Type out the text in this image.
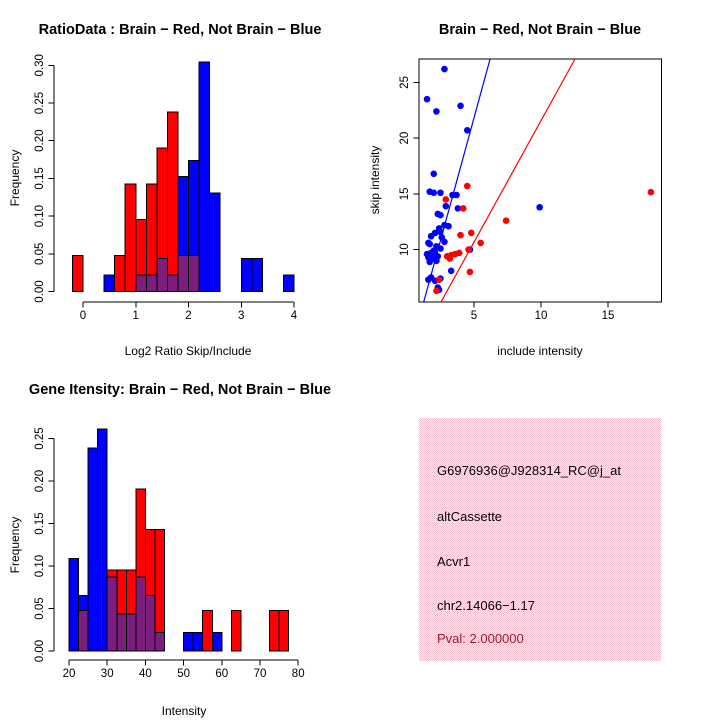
0.00
0.05
0.10
0.15
0.20
0.25
0.30
0	1	2	3	4
RatioData : Brain − Red, Not Brain − Blue
Log2 Ratio Skip/Include
Frequency
5	10	15
10
15
20
25
Brain − Red, Not Brain − Blue
include intensity
skip intensity
0.00
0.05
0.10
0.15
0.20
0.25
20 30 40 50 60 70 80
Gene Itensity: Brain − Red, Not Brain − Blue
Intensity
Frequency
G6976936@J928314_RC@j_at
altCassette
Acvr1
chr2.14066−1.17
Pval: 2.000000
